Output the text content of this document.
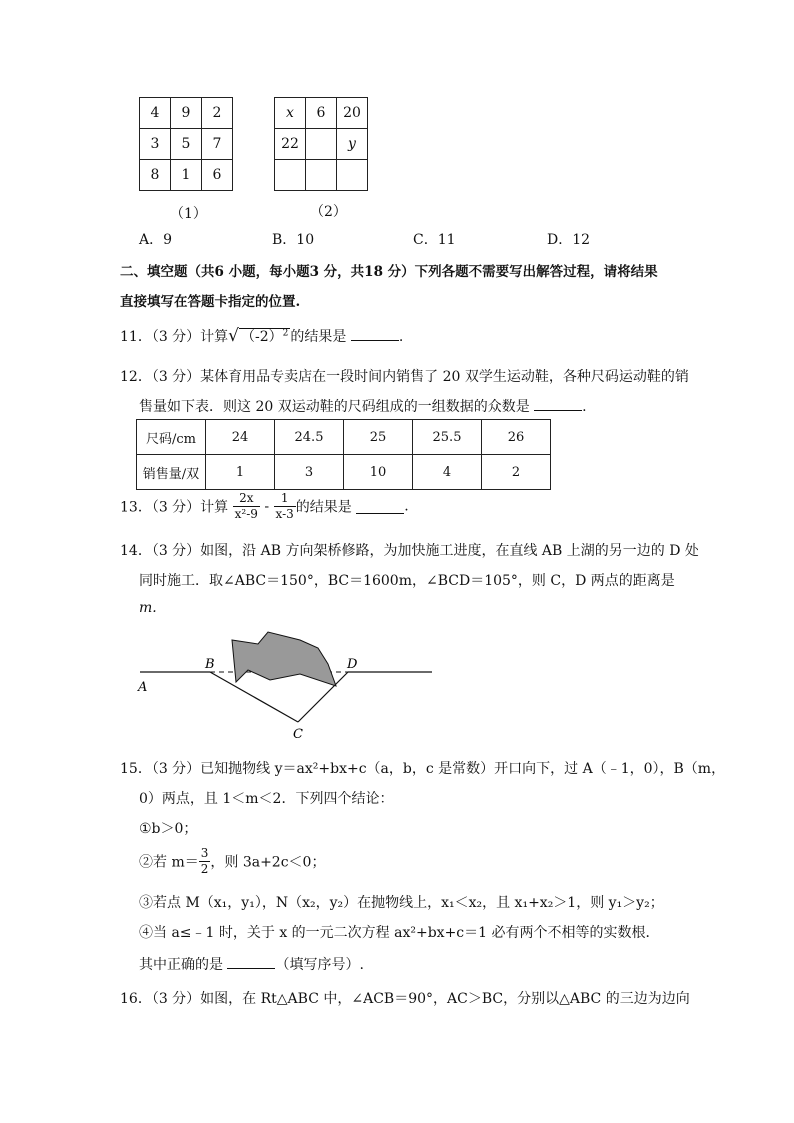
4	9	2
3	5	7
8	1	6
（1）
x	6	20
22		y

（2）
A．9	B．10	C．11	D．12
二、填空题（共6 小题，每小题3 分，共18 分）下列各题不需要写出解答过程，请将结果
直接填写在答题卡指定的位置.
11．（3 分）计算√ $(-2)^2$ 的结果是	.
12．（3 分）某体育用品专卖店在一段时间内销售了 20 双学生运动鞋，各种尺码运动鞋的销
售量如下表．则这 20 双运动鞋的尺码组成的一组数据的众数是	.
尺码/cm	24	24.5	25	25.5	26
销售量/双	1	3	10	4	2
13．（3 分）计算 $\frac{2x}{\text{x²-9}} - \frac{1}{x-3}$ 的结果是	.
14．（3 分）如图，沿 AB 方向架桥修路，为加快施工进度，在直线 AB 上湖的另一边的 D 处
同时施工．取∠ABC＝150°，BC＝1600m，∠BCD＝105°，则 C，D 两点的距离是
m.
A
B
C
D
15．（3 分）已知抛物线 y＝ax²+bx+c（a，b，c 是常数）开口向下，过 A（﹣1，0），B（m，
0）两点，且 1＜m＜2．下列四个结论：
①b＞0；
②若 $m= \frac{3}{2}$ ，则 3a+2c＜0；
③若点 M（x₁，y₁），N（x₂，y₂）在抛物线上，x₁＜x₂，且 x₁+x₂＞1，则 y₁＞y₂；
④当 a≤﹣1 时，关于 x 的一元二次方程 ax²+bx+c＝1 必有两个不相等的实数根．
其中正确的是	（填写序号）.
16．（3 分）如图，在 Rt△ABC 中，∠ACB＝90°，AC＞BC，分别以△ABC 的三边为边向
